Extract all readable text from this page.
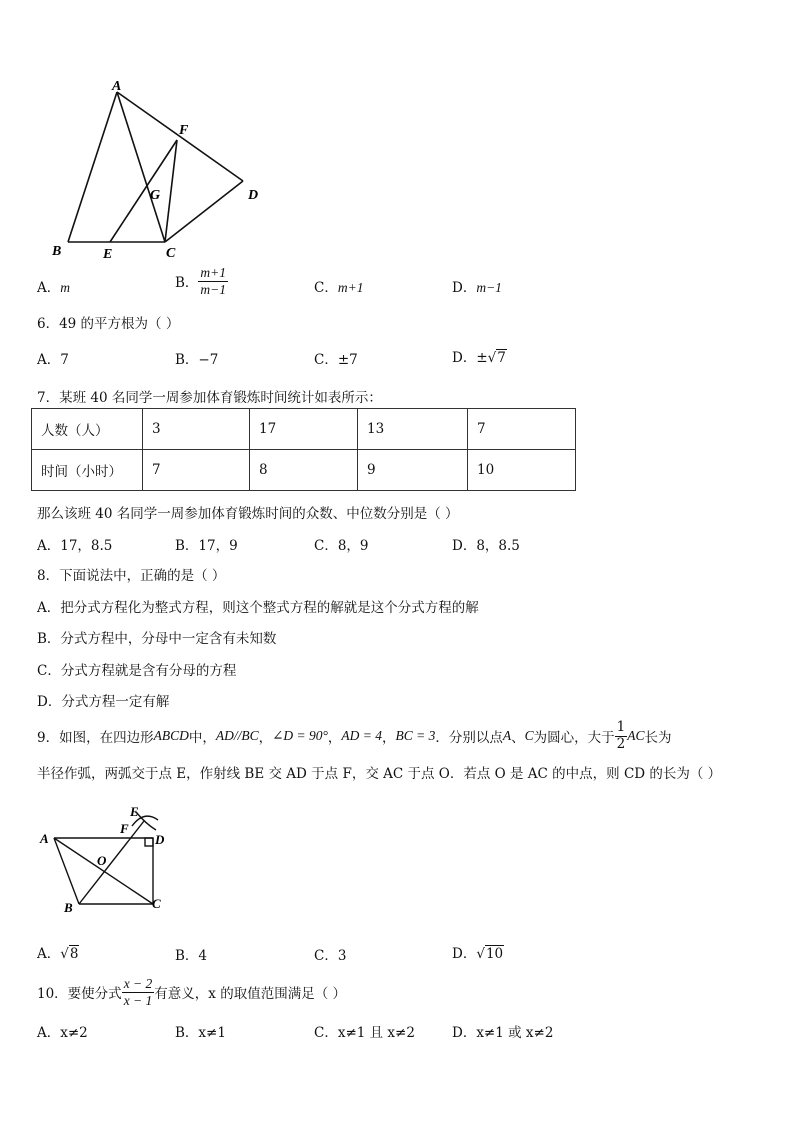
A
F
G	D
B	E	C
A．m	B． $\frac{m+1}{m-1}$	C．m+1	D．m−1
6．49 的平方根为（ ）
A．7	B．−7	C．±7	D．±√7
7．某班 40 名同学一周参加体育锻炼时间统计如表所示：
人数（人）	3	17	13	7
时间（小时）	7	8	9	10
那么该班 40 名同学一周参加体育锻炼时间的众数、中位数分别是（ ）
A．17，8.5	B．17，9	C．8，9	D．8，8.5
8．下面说法中，正确的是（ ）
A．把分式方程化为整式方程，则这个整式方程的解就是这个分式方程的解
B．分式方程中，分母中一定含有未知数
C．分式方程就是含有分母的方程
D．分式方程一定有解
9．如图，在四边形ABCD中，AD//BC，∠D = 90°，AD = 4，BC = 3．分别以点A、C为圆心，大于 $\frac{1}{2}$ AC长为
半径作弧，两弧交于点 E，作射线 BE 交 AD 于点 F，交 AC 于点 O．若点 O 是 AC 的中点，则 CD 的长为（ ）
A
E
F
D
O
B	C
A．√8	B．4	C．3	D．√10
10．要使分式 $\frac{x - 2}{x - 1}$ 有意义，x 的取值范围满足（ ）
A．x≠2	B．x≠1	C．x≠1 且 x≠2	D．x≠1 或 x≠2
